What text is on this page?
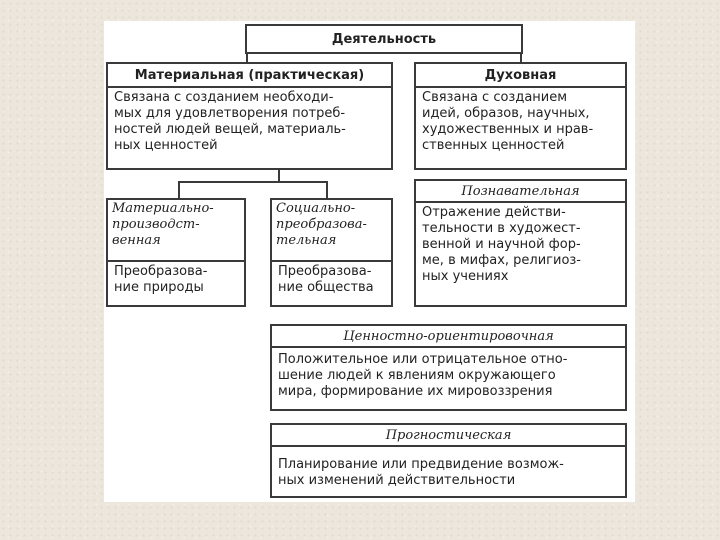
Деятельность
Материальная (практическая)
Связана с созданием необходи-
мых для удовлетворения потреб-
ностей людей вещей, материаль-
ных ценностей
Духовная
Связана с созданием
идей, образов, научных,
художественных и нрав-
ственных ценностей
Материально-
производст-
венная
Преобразова-
ние природы
Социально-
преобразова-
тельная
Преобразова-
ние общества
Познавательная
Отражение действи-
тельности в художест-
венной и научной фор-
ме, в мифах, религиоз-
ных учениях
Ценностно-ориентировочная
Положительное или отрицательное отно-
шение людей к явлениям окружающего
мира, формирование их мировоззрения
Прогностическая
Планирование или предвидение возмож-
ных изменений действительности
